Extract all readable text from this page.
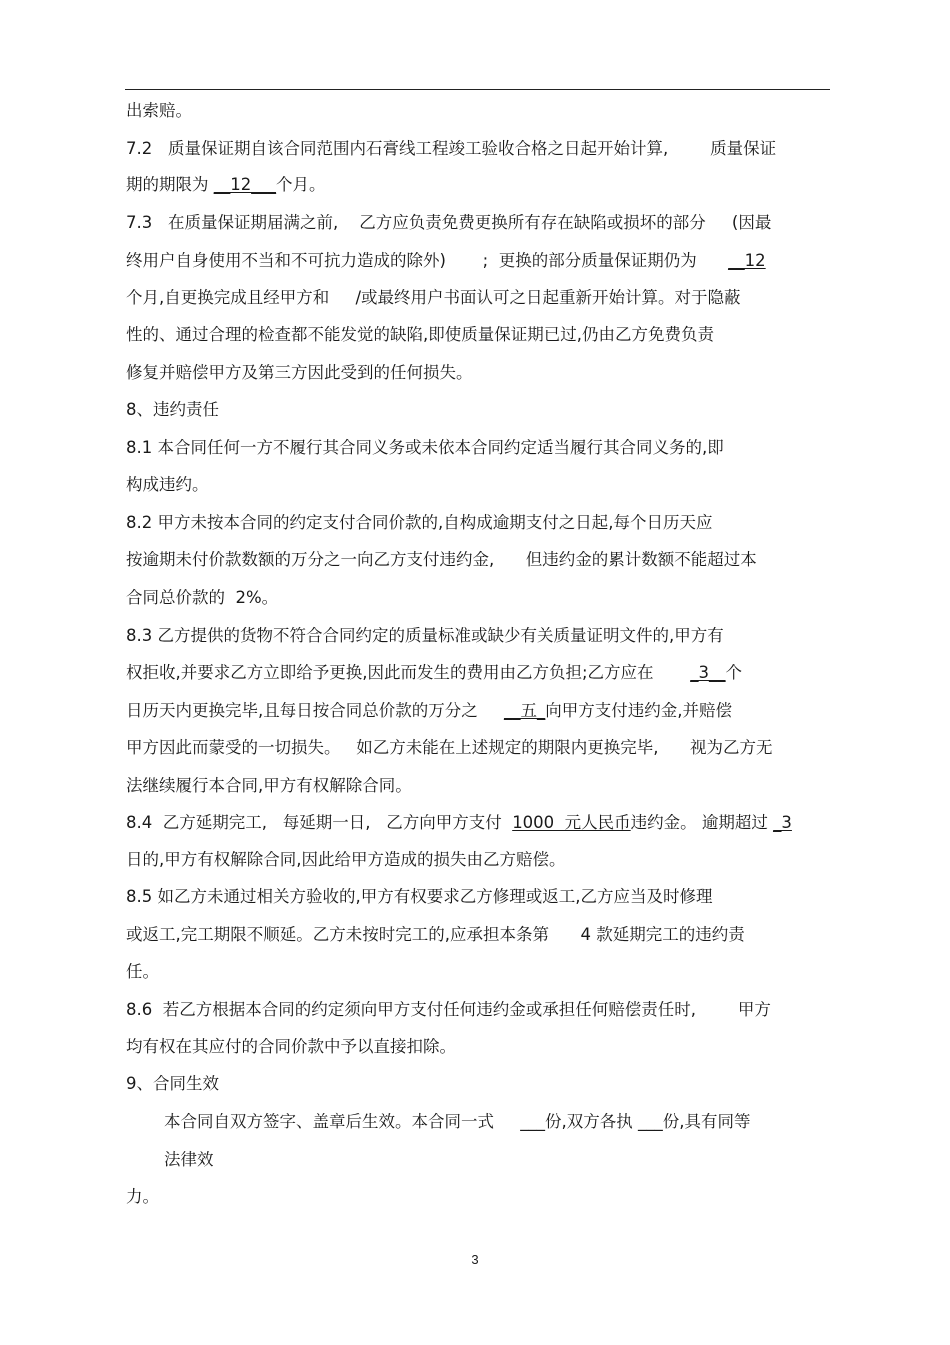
出索赔。
7.2   质量保证期自该合同范围内石膏线工程竣工验收合格之日起开始计算,        质量保证
期的期限为 __12___个月。
7.3   在质量保证期届满之前,    乙方应负责免费更换所有存在缺陷或损坏的部分     (因最
终用户自身使用不当和不可抗力造成的除外)       ;  更换的部分质量保证期仍为      __12
个月,自更换完成且经甲方和     /或最终用户书面认可之日起重新开始计算。对于隐蔽
性的、通过合理的检查都不能发觉的缺陷,即使质量保证期已过,仍由乙方免费负责
修复并赔偿甲方及第三方因此受到的任何损失。
8、违约责任
8.1 本合同任何一方不履行其合同义务或未依本合同约定适当履行其合同义务的,即
构成违约。
8.2 甲方未按本合同的约定支付合同价款的,自构成逾期支付之日起,每个日历天应
按逾期未付价款数额的万分之一向乙方支付违约金,      但违约金的累计数额不能超过本
合同总价款的  2%。
8.3 乙方提供的货物不符合合同约定的质量标准或缺少有关质量证明文件的,甲方有
权拒收,并要求乙方立即给予更换,因此而发生的费用由乙方负担;乙方应在       _3__个
日历天内更换完毕,且每日按合同总价款的万分之     __五_向甲方支付违约金,并赔偿
甲方因此而蒙受的一切损失。   如乙方未能在上述规定的期限内更换完毕,      视为乙方无
法继续履行本合同,甲方有权解除合同。
8.4  乙方延期完工,   每延期一日,   乙方向甲方支付  1000  元人民币违约金。 逾期超过 _3
日的,甲方有权解除合同,因此给甲方造成的损失由乙方赔偿。
8.5 如乙方未通过相关方验收的,甲方有权要求乙方修理或返工,乙方应当及时修理
或返工,完工期限不顺延。乙方未按时完工的,应承担本条第      4 款延期完工的违约责
任。
8.6  若乙方根据本合同的约定须向甲方支付任何违约金或承担任何赔偿责任时,        甲方
均有权在其应付的合同价款中予以直接扣除。
9、合同生效
本合同自双方签字、盖章后生效。本合同一式     ___份,双方各执 ___份,具有同等
法律效
力。
3
